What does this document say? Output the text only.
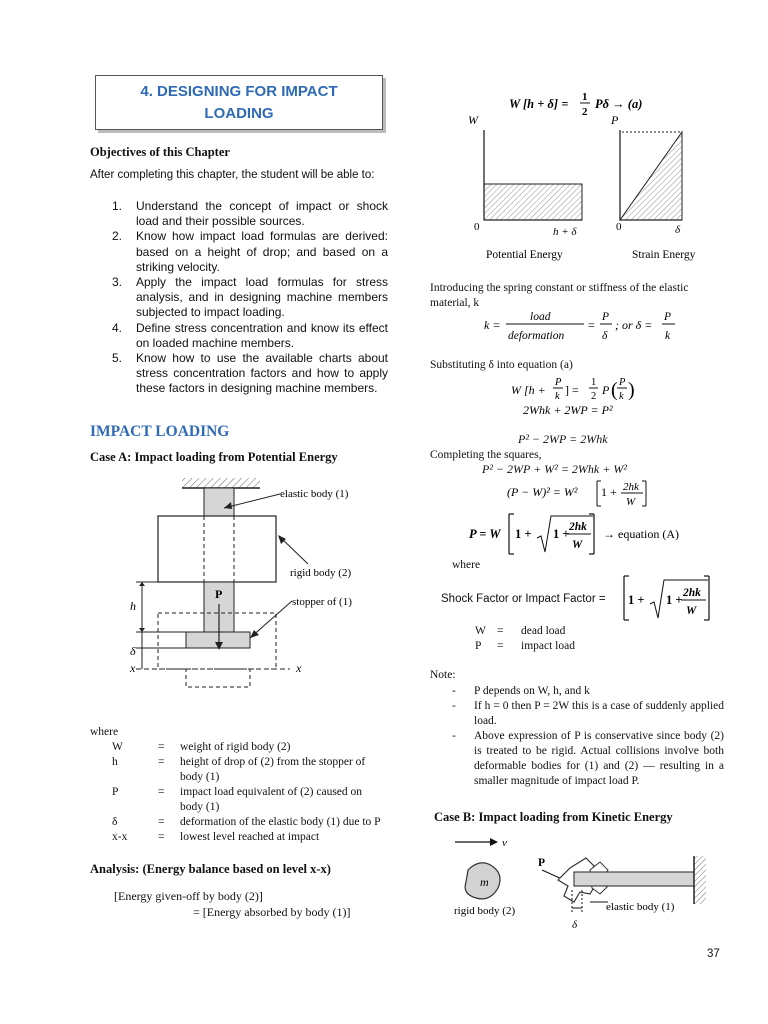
4. DESIGNING FOR IMPACT
LOADING
Objectives of this Chapter
After completing this chapter, the student will be able to:
1. Understand the concept of impact or shock load and their possible sources.
2. Know how impact load formulas are derived: based on a height of drop; and based on a striking velocity.
3. Apply the impact load formulas for stress analysis, and in designing machine members subjected to impact loading.
4. Define stress concentration and know its effect on loaded machine members.
5. Know how to use the available charts about stress concentration factors and how to apply these factors in designing machine members.
IMPACT LOADING
Case A: Impact loading from Potential Energy
P
h
δ
x	x
elastic body (1)
rigid body (2)
stopper of (1)
where
W	=	weight of rigid body (2)
h	=	height of drop of (2) from the stopper of body (1)
P	=	impact load equivalent of (2) caused on body (1)
δ	=	deformation of the elastic body (1) due to P
x-x	=	lowest level reached at impact
Analysis: (Energy balance based on level x-x)
[Energy given-off by body (2)]
= [Energy absorbed by body (1)]
W [h + δ] = 1
2
Pδ → (a)
W
0	h + δ
Potential Energy
P
0	δ
Strain Energy
Introducing the spring constant or stiffness of the elastic material, k
k =
load
deformation
=
P
δ
; or δ =
P
k
Substituting δ into equation (a)
W [h +
P
k ] =
1
2 P ( P
k )
2Whk + 2WP = P²
P² − 2WP = 2Whk
Completing the squares,
P² − 2WP + W² = 2Whk + W²
(P − W)² = W² 1 + 2hk
W
P = W 1 + 1 + 2hk
W
→ equation (A)
where
Shock Factor or Impact Factor = 1 + 1 + 2hk
W
W =	dead load
P	=	impact load
Note:
-	P depends on W, h, and k
-	If h = 0 then P = 2W this is a case of suddenly applied load.
-	Above expression of P is conservative since body (2) is treated to be rigid. Actual collisions involve both deformable bodies for (1) and (2) — resulting in a smaller magnitude of impact load P.
Case B: Impact loading from Kinetic Energy
v
m
rigid body (2)
P
δ
elastic body (1)
37
